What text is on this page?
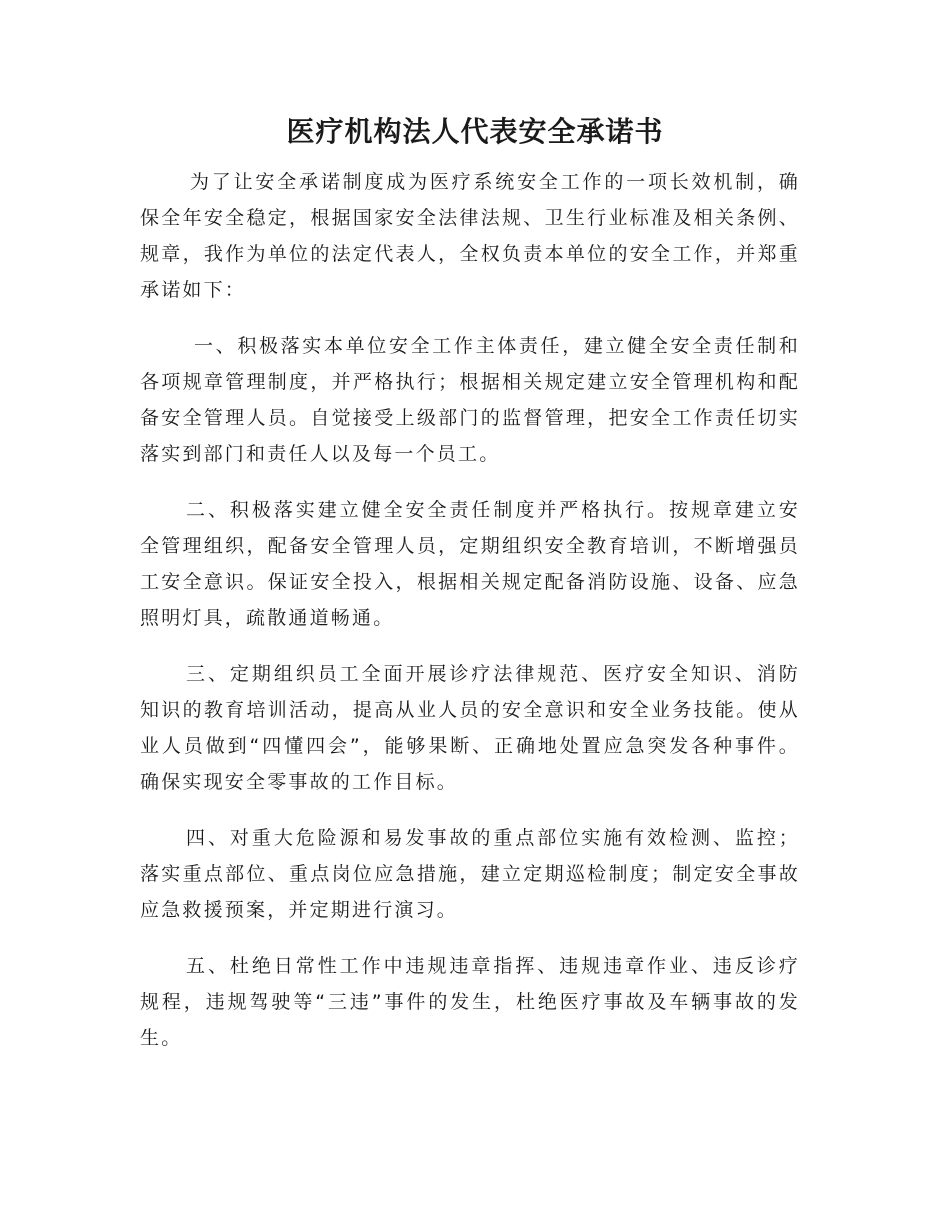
医疗机构法人代表安全承诺书

为了让安全承诺制度成为医疗系统安全工作的一项长效机制，确保全年安全稳定，根据国家安全法律法规、卫生行业标准及相关条例、规章，我作为单位的法定代表人，全权负责本单位的安全工作，并郑重承诺如下：

一、积极落实本单位安全工作主体责任，建立健全安全责任制和各项规章管理制度，并严格执行；根据相关规定建立安全管理机构和配备安全管理人员。自觉接受上级部门的监督管理，把安全工作责任切实落实到部门和责任人以及每一个员工。

二、积极落实建立健全安全责任制度并严格执行。按规章建立安全管理组织，配备安全管理人员，定期组织安全教育培训，不断增强员工安全意识。保证安全投入，根据相关规定配备消防设施、设备、应急照明灯具，疏散通道畅通。

三、定期组织员工全面开展诊疗法律规范、医疗安全知识、消防知识的教育培训活动，提高从业人员的安全意识和安全业务技能。使从业人员做到“四懂四会”，能够果断、正确地处置应急突发各种事件。确保实现安全零事故的工作目标。

四、对重大危险源和易发事故的重点部位实施有效检测、监控；落实重点部位、重点岗位应急措施，建立定期巡检制度；制定安全事故应急救援预案，并定期进行演习。

五、杜绝日常性工作中违规违章指挥、违规违章作业、违反诊疗规程，违规驾驶等“三违”事件的发生，杜绝医疗事故及车辆事故的发生。
